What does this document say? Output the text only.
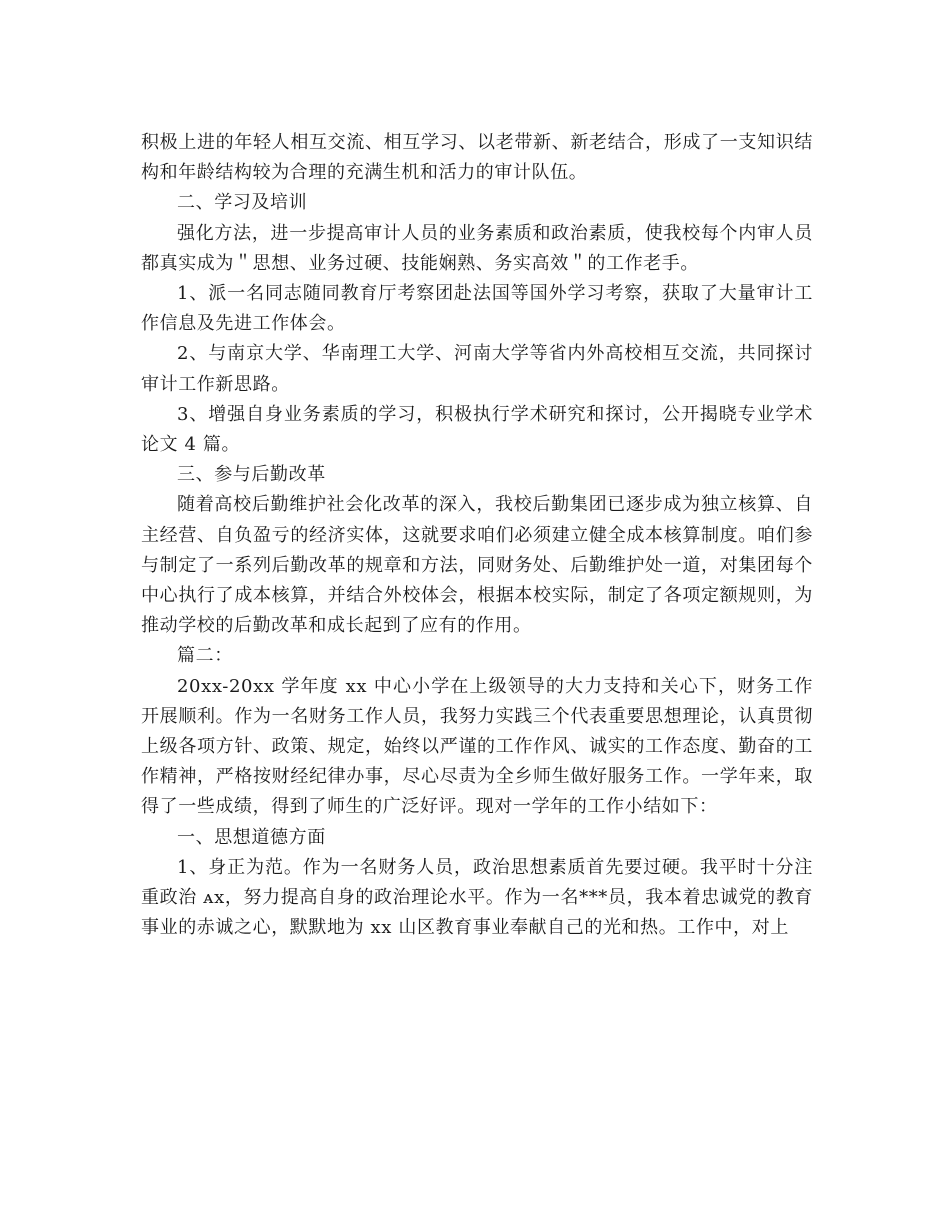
积极上进的年轻人相互交流、相互学习、以老带新、新老结合，形成了一支知识结构和年龄结构较为合理的充满生机和活力的审计队伍。

二、学习及培训

强化方法，进一步提高审计人员的业务素质和政治素质，使我校每个内审人员都真实成为＂思想、业务过硬、技能娴熟、务实高效＂的工作老手。

1、派一名同志随同教育厅考察团赴法国等国外学习考察，获取了大量审计工作信息及先进工作体会。

2、与南京大学、华南理工大学、河南大学等省内外高校相互交流，共同探讨审计工作新思路。

3、增强自身业务素质的学习，积极执行学术研究和探讨，公开揭晓专业学术论文 4 篇。

三、参与后勤改革

随着高校后勤维护社会化改革的深入，我校后勤集团已逐步成为独立核算、自主经营、自负盈亏的经济实体，这就要求咱们必须建立健全成本核算制度。咱们参与制定了一系列后勤改革的规章和方法，同财务处、后勤维护处一道，对集团每个中心执行了成本核算，并结合外校体会，根据本校实际，制定了各项定额规则，为推动学校的后勤改革和成长起到了应有的作用。

篇二：

20xx-20xx 学年度 xx 中心小学在上级领导的大力支持和关心下，财务工作开展顺利。作为一名财务工作人员，我努力实践三个代表重要思想理论，认真贯彻上级各项方针、政策、规定，始终以严谨的工作作风、诚实的工作态度、勤奋的工作精神，严格按财经纪律办事，尽心尽责为全乡师生做好服务工作。一学年来，取得了一些成绩，得到了师生的广泛好评。现对一学年的工作小结如下：

一、思想道德方面

1、身正为范。作为一名财务人员，政治思想素质首先要过硬。我平时十分注重政治 ᴀx，努力提高自身的政治理论水平。作为一名***员，我本着忠诚党的教育事业的赤诚之心，默默地为 xx 山区教育事业奉献自己的光和热。工作中，对上
